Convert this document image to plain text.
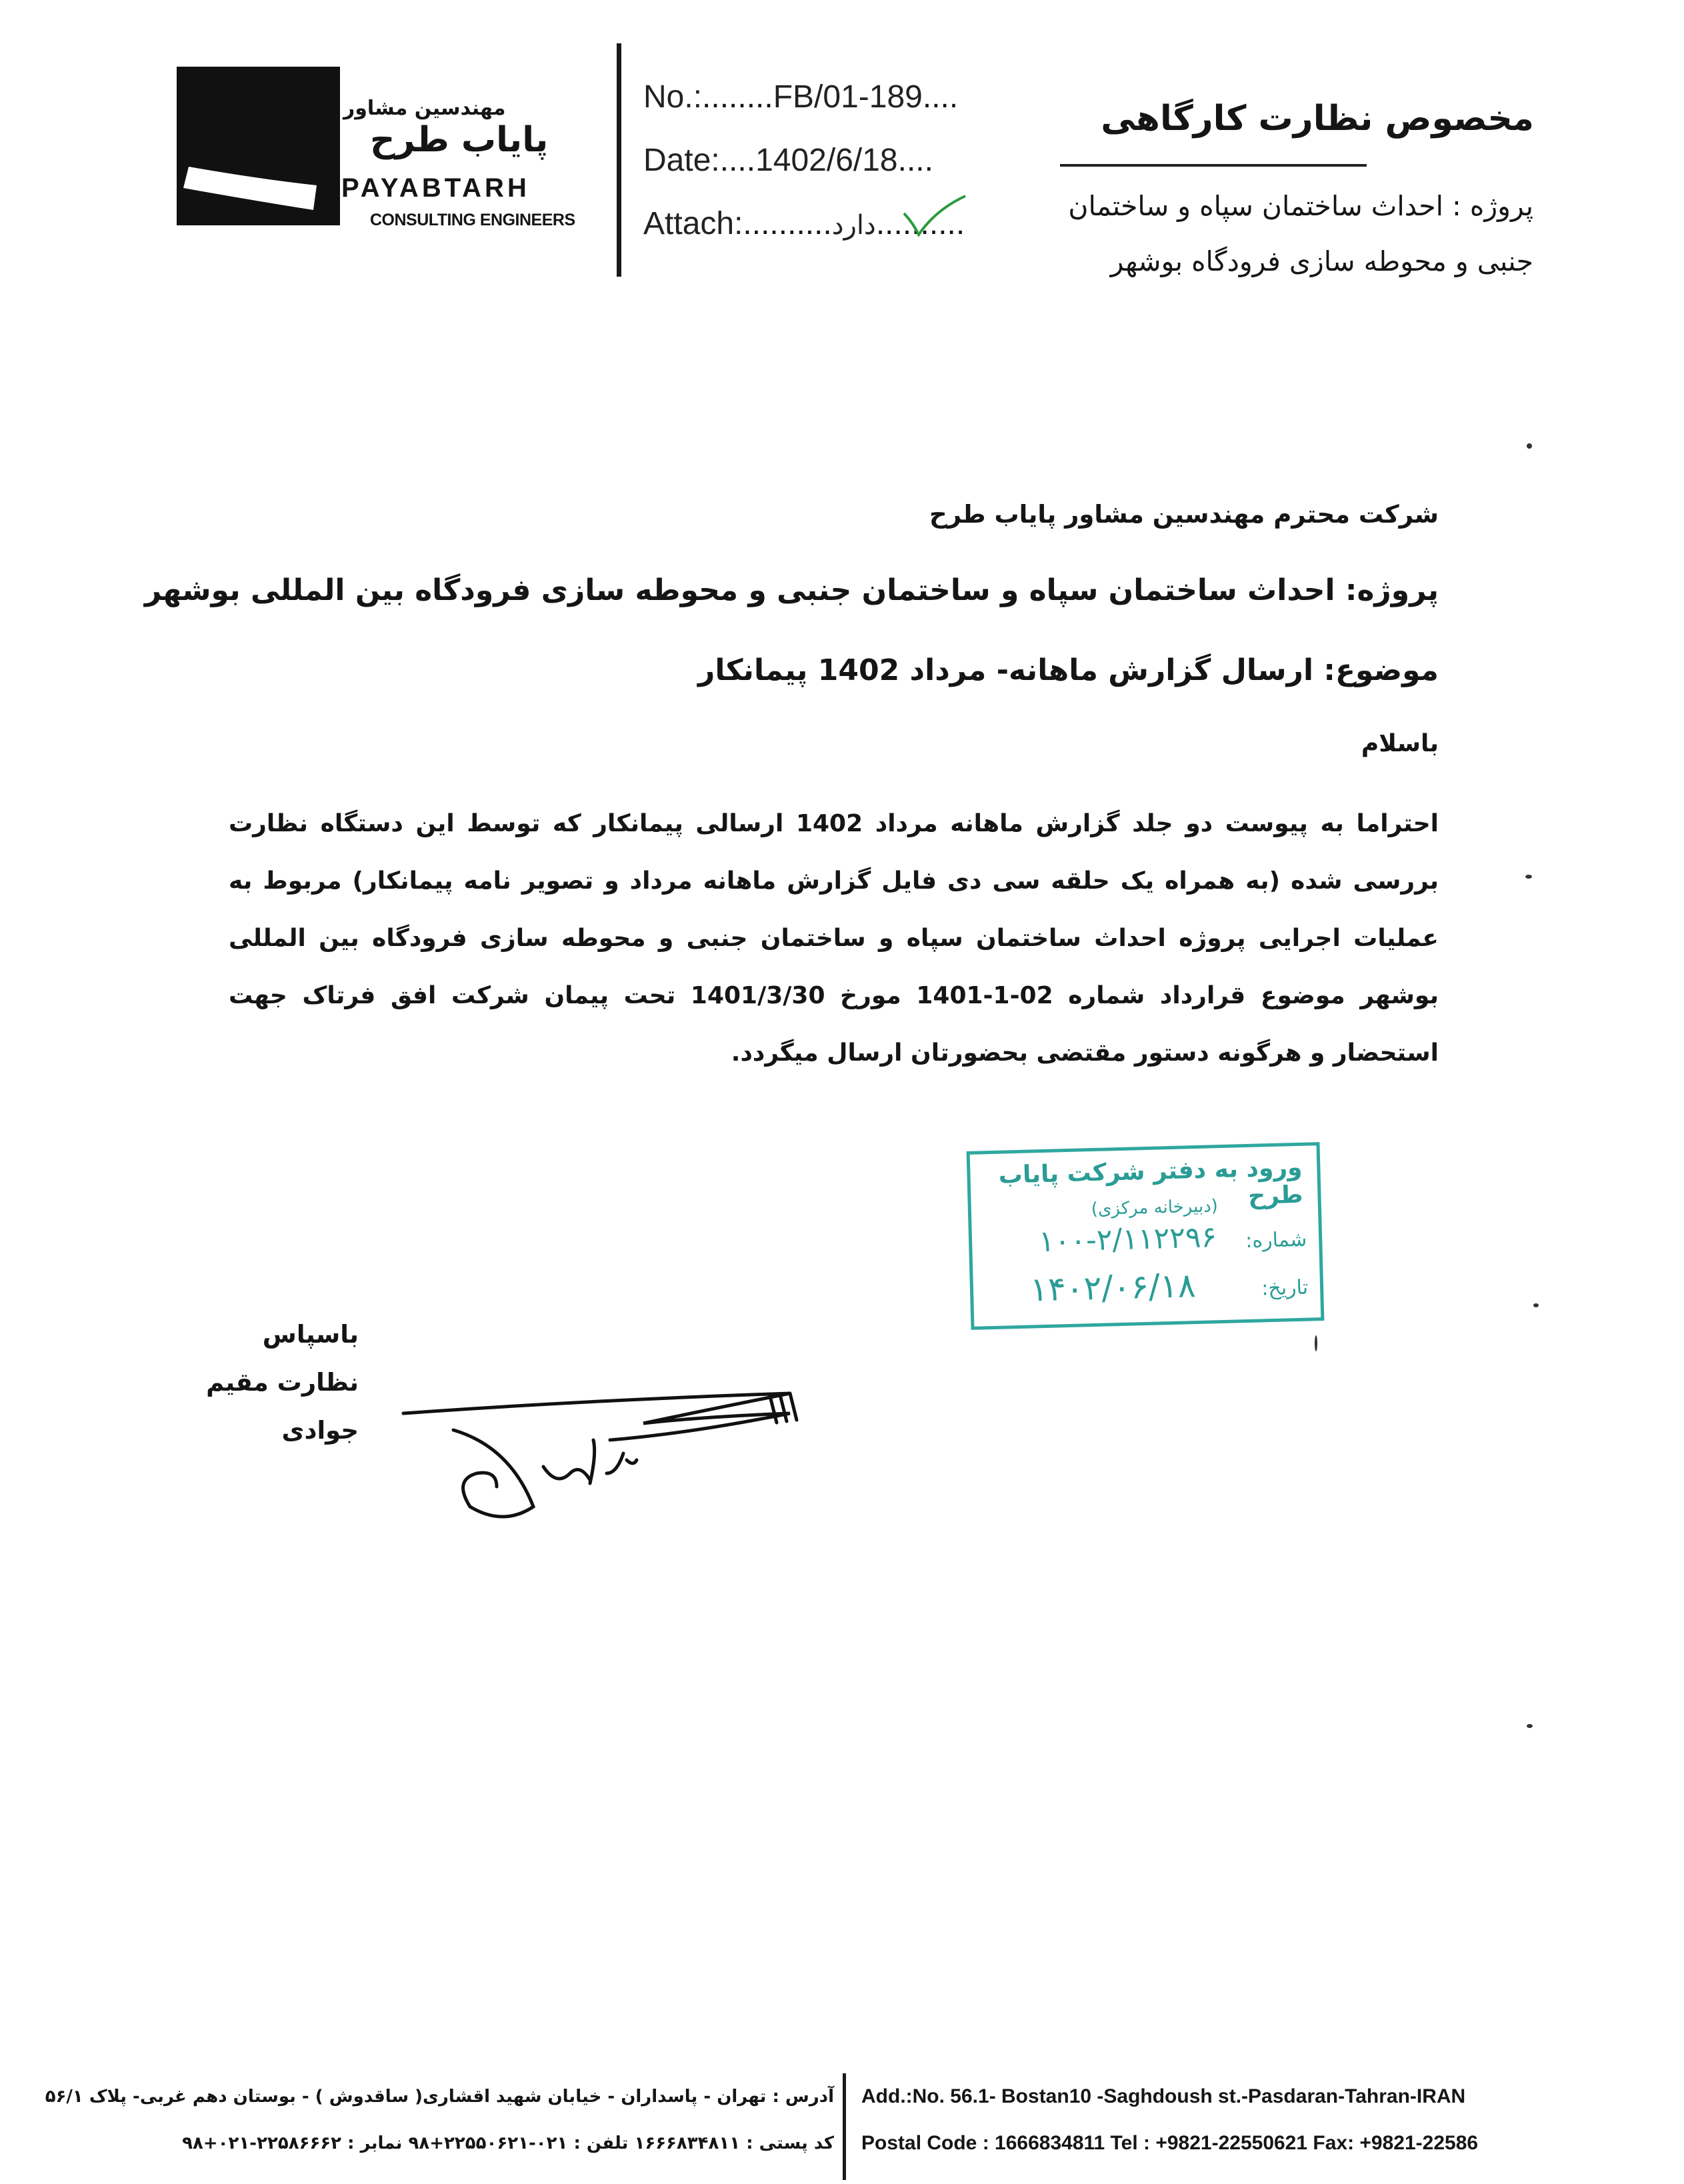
مهندسین مشاور
پایاب طرح
PAYABTARH
CONSULTING ENGINEERS
No.:........FB/01-189....
Date:....1402/6/18....
Attach:..........دارد..........
مخصوص نظارت کارگاهی
پروژه : احداث ساختمان سپاه و ساختمان
جنبی و محوطه سازی فرودگاه بوشهر
شرکت محترم مهندسین مشاور پایاب طرح
پروژه: احداث ساختمان سپاه و ساختمان جنبی و محوطه سازی فرودگاه بین المللی بوشهر
موضوع: ارسال گزارش ماهانه- مرداد 1402 پیمانکار
باسلام
احتراما به پیوست دو جلد گزارش ماهانه مرداد 1402 ارسالی پیمانکار که توسط این دستگاه نظارت بررسی شده (به همراه یک حلقه سی دی فایل گزارش ماهانه مرداد و تصویر نامه پیمانکار) مربوط به عملیات اجرایی پروژه احداث ساختمان سپاه و ساختمان جنبی و محوطه سازی فرودگاه بین المللی بوشهر موضوع قرارداد شماره 02-1-1401 مورخ 1401/3/30 تحت پیمان شرکت افق فرتاک جهت استحضار و هرگونه دستور مقتضی بحضورتان ارسال میگردد.
ورود به دفتر شرکت پایاب طرح
(دبیرخانه مرکزی)
شماره:
۱۰۰-۲/۱۱۲۲۹۶
تاریخ:
۱۴۰۲/۰۶/۱۸
باسپاس
نظارت مقیم
جوادی
آدرس : تهران - پاسداران - خیابان شهید اقشاری( ساقدوش ) - بوستان دهم غربی- پلاک ۵۶/۱
کد پستی : ۱۶۶۶۸۳۴۸۱۱ تلفن : ۰۲۱-۲۲۵۵۰۶۲۱+۹۸ نمابر : ۲۲۵۸۶۶۶۲-۰۲۱+۹۸
Add.:No. 56.1- Bostan10 -Saghdoush st.-Pasdaran-Tahran-IRAN
Postal Code : 1666834811 Tel : +9821-22550621 Fax: +9821-22586
